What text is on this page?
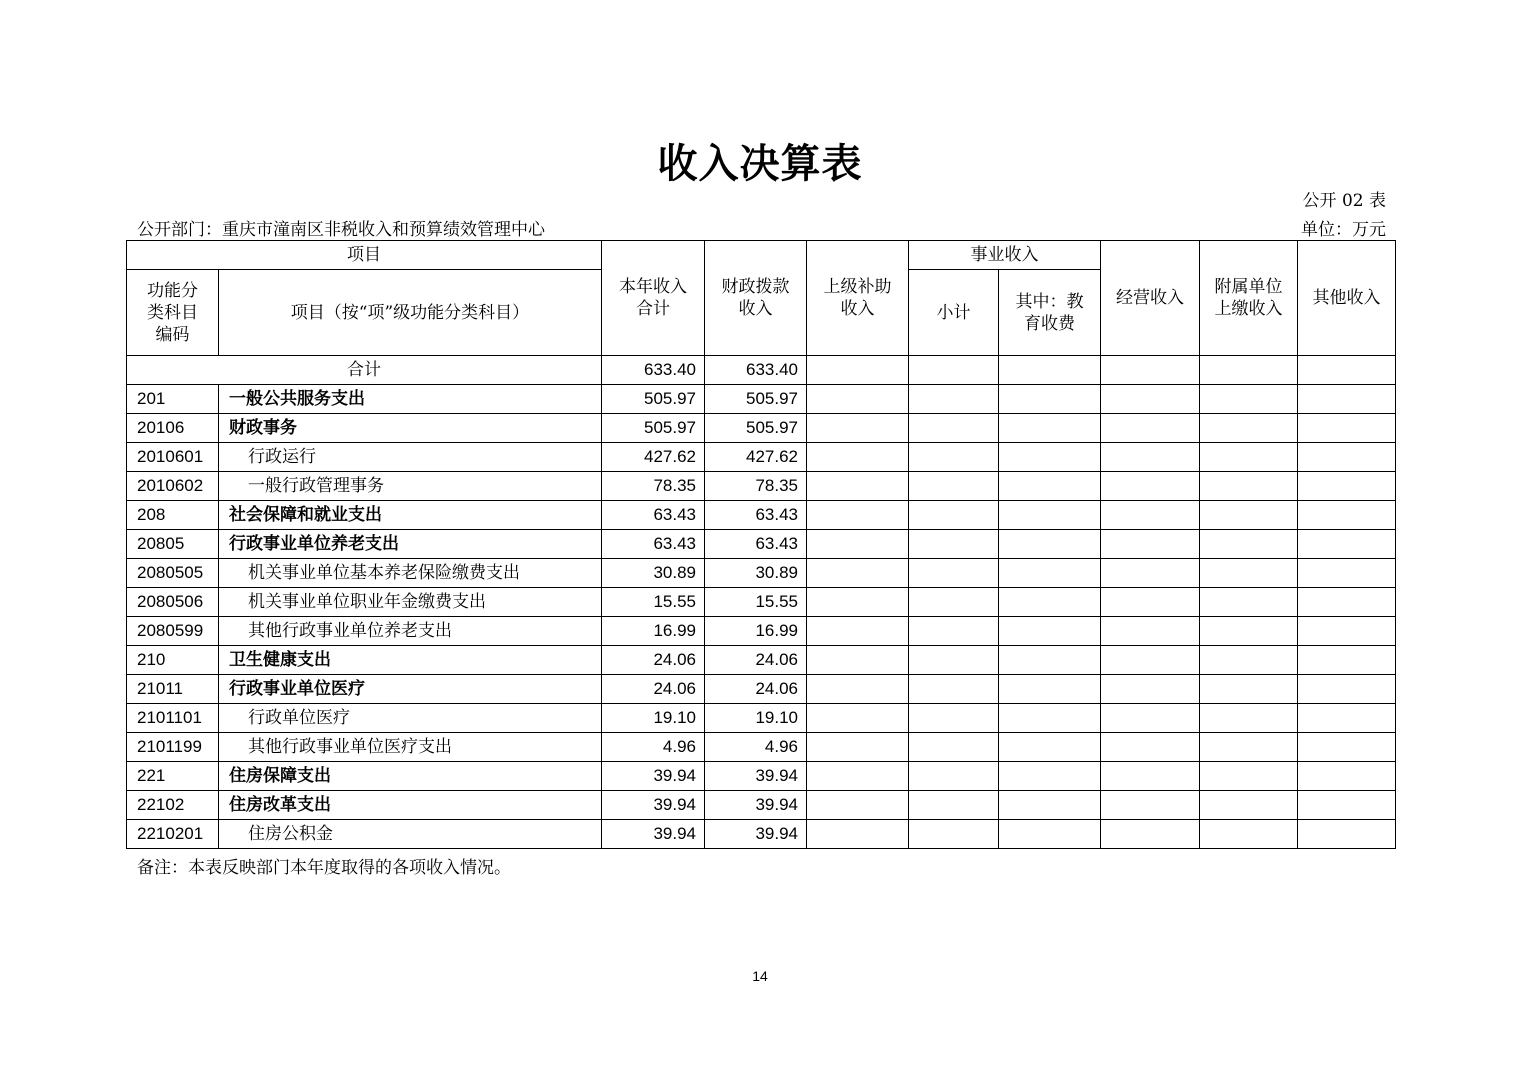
收入决算表
公开 02 表
公开部门：重庆市潼南区非税收入和预算绩效管理中心	单位：万元
项目		本年收入合计	财政拨款收入	上级补助收入	事业收入		经营收入	附属单位上缴收入	其他收入
功能分类科目编码	项目（按“项”级功能分类科目）				小计	其中：教育收费			
合计		633.40	633.40						
201	一般公共服务支出	505.97	505.97						
20106	财政事务	505.97	505.97						
2010601	行政运行	427.62	427.62						
2010602	一般行政管理事务	78.35	78.35						
208	社会保障和就业支出	63.43	63.43						
20805	行政事业单位养老支出	63.43	63.43						
2080505	机关事业单位基本养老保险缴费支出	30.89	30.89						
2080506	机关事业单位职业年金缴费支出	15.55	15.55						
2080599	其他行政事业单位养老支出	16.99	16.99						
210	卫生健康支出	24.06	24.06						
21011	行政事业单位医疗	24.06	24.06						
2101101	行政单位医疗	19.10	19.10						
2101199	其他行政事业单位医疗支出	4.96	4.96						
221	住房保障支出	39.94	39.94						
22102	住房改革支出	39.94	39.94						
2210201	住房公积金	39.94	39.94						
备注：本表反映部门本年度取得的各项收入情况。
14
